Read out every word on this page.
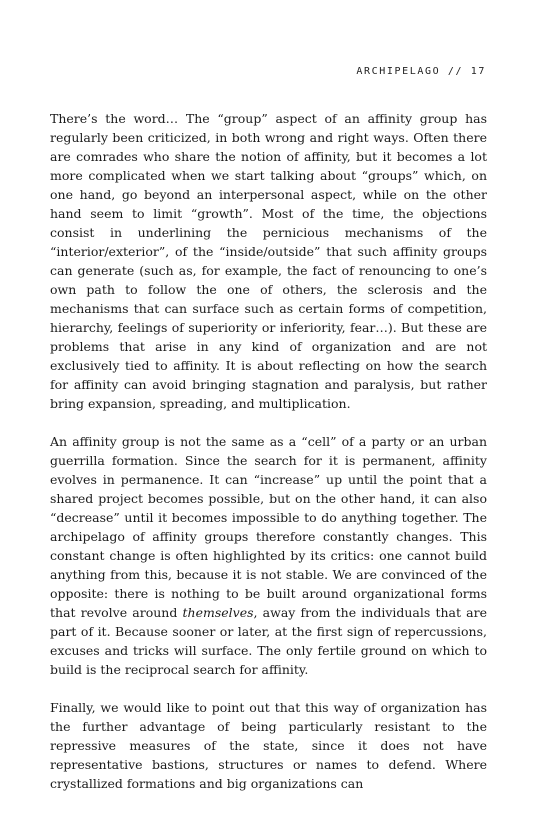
ARCHIPELAGO // 17

There’s the word… The “group” aspect of an affinity group has regularly been criticized, in both wrong and right ways. Often there are comrades who share the notion of affinity, but it becomes a lot more complicated when we start talking about “groups” which, on one hand, go beyond an interpersonal aspect, while on the other hand seem to limit “growth”. Most of the time, the objections consist in underlining the pernicious mechanisms of the “interior/exterior”, of the “inside/outside” that such affinity groups can generate (such as, for example, the fact of renouncing to one’s own path to follow the one of others, the sclerosis and the mechanisms that can surface such as certain forms of competition, hierarchy, feelings of superiority or inferiority, fear…). But these are problems that arise in any kind of organization and are not exclusively tied to affinity. It is about reflecting on how the search for affinity can avoid bringing stagnation and paralysis, but rather bring expansion, spreading, and multiplication.

An affinity group is not the same as a “cell” of a party or an urban guerrilla formation. Since the search for it is permanent, affinity evolves in permanence. It can “increase” up until the point that a shared project becomes possible, but on the other hand, it can also “decrease” until it becomes impossible to do anything together. The archipelago of affinity groups therefore constantly changes. This constant change is often highlighted by its critics: one cannot build anything from this, because it is not stable. We are convinced of the opposite: there is nothing to be built around organizational forms that revolve around themselves, away from the individuals that are part of it. Because sooner or later, at the first sign of repercussions, excuses and tricks will surface. The only fertile ground on which to build is the reciprocal search for affinity.

Finally, we would like to point out that this way of organization has the further advantage of being particularly resistant to the repressive measures of the state, since it does not have representative bastions, structures or names to defend. Where crystallized formations and big organizations can
